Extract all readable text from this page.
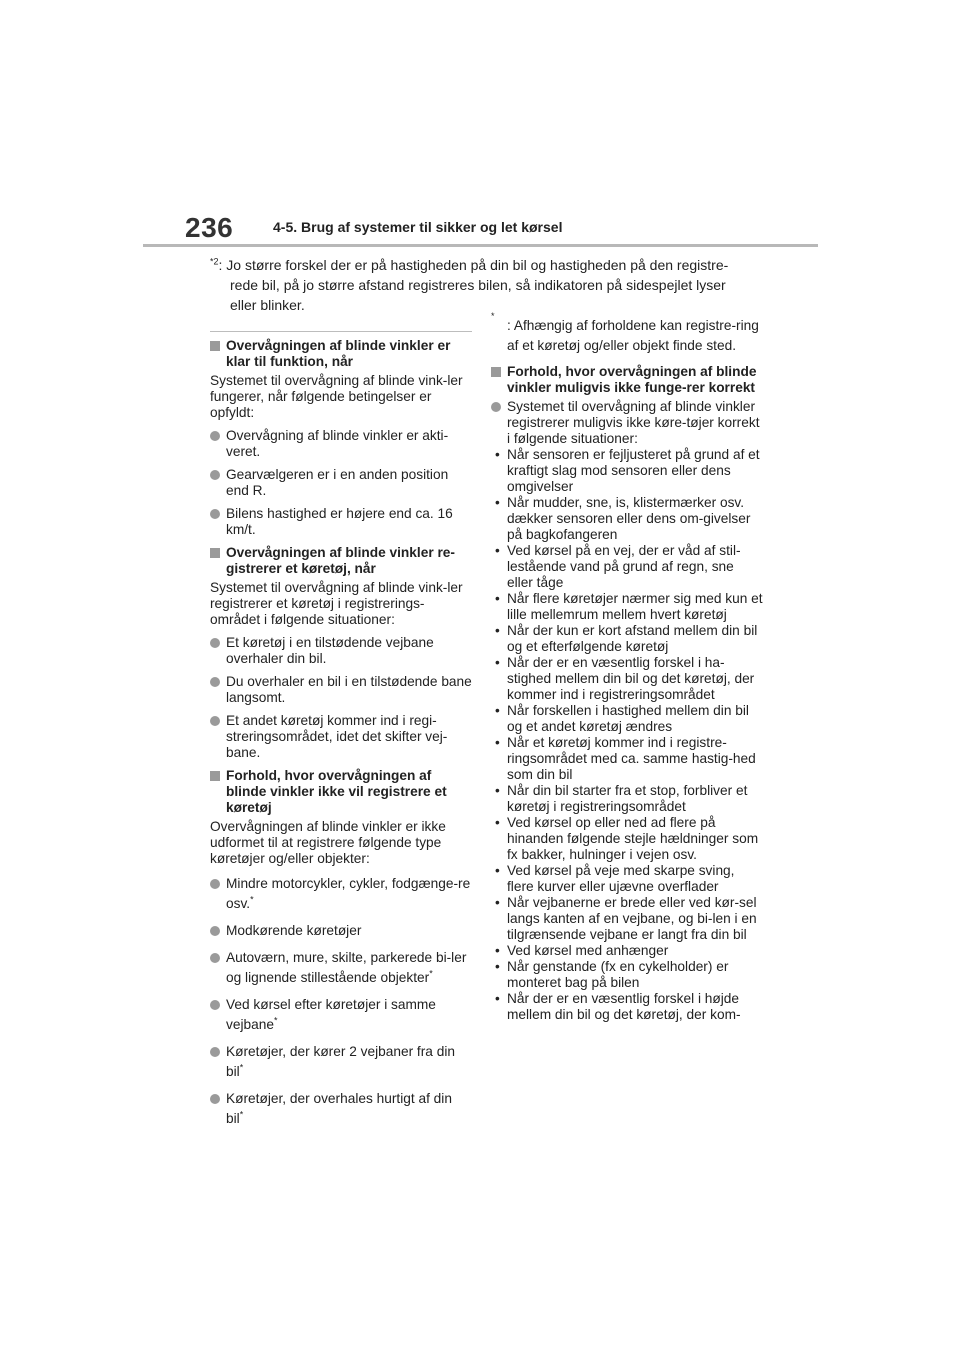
236	4-5. Brug af systemer til sikker og let kørsel
$^{*2}$: Jo større forskel der er på hastigheden på din bil og hastigheden på den registre-
rede bil, på jo større afstand registreres bilen, så indikatoren på sidespejlet lyser
eller blinker.
Overvågningen af blinde vinkler er klar til funktion, når

Systemet til overvågning af blinde vink-ler fungerer, når følgende betingelser er opfyldt:

Overvågning af blinde vinkler er akti-veret.
Gearvælgeren er i en anden position end R.
Bilens hastighed er højere end ca. 16 km/t.
Overvågningen af blinde vinkler re-gistrerer et køretøj, når

Systemet til overvågning af blinde vink-ler registrerer et køretøj i registrerings-området i følgende situationer:

Et køretøj i en tilstødende vejbane overhaler din bil.
Du overhaler en bil i en tilstødende bane langsomt.
Et andet køretøj kommer ind i regi-streringsområdet, idet det skifter vej-bane.
Forhold, hvor overvågningen af blinde vinkler ikke vil registrere et køretøj

Overvågningen af blinde vinkler er ikke udformet til at registrere følgende type køretøjer og/eller objekter:

Mindre motorcykler, cykler, fodgænge-re osv.*
Modkørende køretøjer
Autoværn, mure, skilte, parkerede bi-ler og lignende stillestående objekter*
Ved kørsel efter køretøjer i samme vejbane*
Køretøjer, der kører 2 vejbaner fra din bil*
Køretøjer, der overhales hurtigt af din bil*
*
: Afhængig af forholdene kan registre-ring af et køretøj og/eller objekt finde sted.
Forhold, hvor overvågningen af blinde vinkler muligvis ikke funge-rer korrekt
Systemet til overvågning af blinde vinkler registrerer muligvis ikke køre-tøjer korrekt i følgende situationer:
• Når sensoren er fejljusteret på grund af et kraftigt slag mod sensoren eller dens omgivelser
• Når mudder, sne, is, klistermærker osv. dækker sensoren eller dens om-givelser på bagkofangeren
• Ved kørsel på en vej, der er våd af stil-lestående vand på grund af regn, sne eller tåge
• Når flere køretøjer nærmer sig med kun et lille mellemrum mellem hvert køretøj
• Når der kun er kort afstand mellem din bil og et efterfølgende køretøj
• Når der er en væsentlig forskel i ha-stighed mellem din bil og det køretøj, der kommer ind i registreringsområdet
• Når forskellen i hastighed mellem din bil og et andet køretøj ændres
• Når et køretøj kommer ind i registre-ringsområdet med ca. samme hastig-hed som din bil
• Når din bil starter fra et stop, forbliver et køretøj i registreringsområdet
• Ved kørsel op eller ned ad flere på hinanden følgende stejle hældninger som fx bakker, hulninger i vejen osv.
• Ved kørsel på veje med skarpe sving, flere kurver eller ujævne overflader
• Når vejbanerne er brede eller ved kør-sel langs kanten af en vejbane, og bi-len i en tilgrænsende vejbane er langt fra din bil
• Ved kørsel med anhænger
• Når genstande (fx en cykelholder) er monteret bag på bilen
• Når der er en væsentlig forskel i højde mellem din bil og det køretøj, der kom-
